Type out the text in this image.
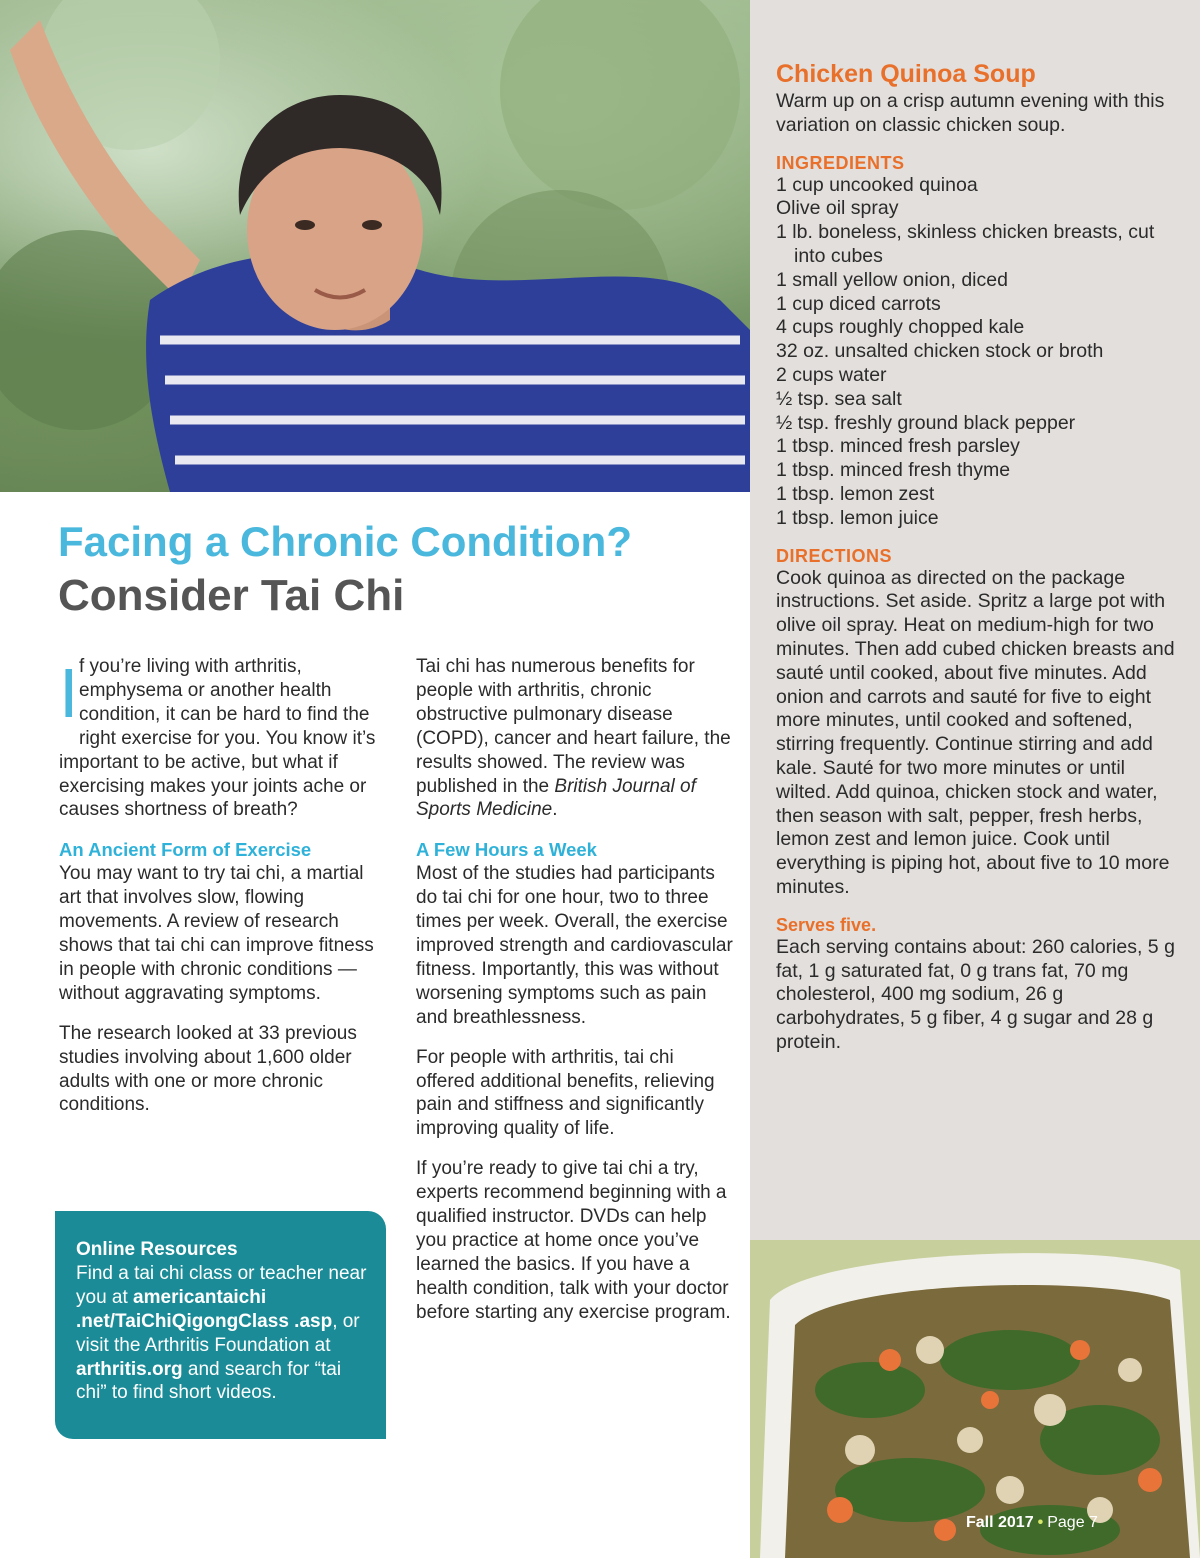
Facing a Chronic Condition?
Consider Tai Chi

If you’re living with arthritis, emphysema or another health condition, it can be hard to find the right exercise for you. You know it’s important to be active, but what if exercising makes your joints ache or causes shortness of breath?

An Ancient Form of Exercise

You may want to try tai chi, a martial art that involves slow, flowing movements. A review of research shows that tai chi can improve fitness in people with chronic conditions — without aggravating symptoms.

The research looked at 33 previous studies involving about 1,600 older adults with one or more chronic conditions.

Tai chi has numerous benefits for people with arthritis, chronic obstructive pulmonary disease (COPD), cancer and heart failure, the results showed. The review was published in the British Journal of Sports Medicine.

A Few Hours a Week

Most of the studies had participants do tai chi for one hour, two to three times per week. Overall, the exercise improved strength and cardiovascular fitness. Importantly, this was without worsening symptoms such as pain and breathlessness.

For people with arthritis, tai chi offered additional benefits, relieving pain and stiffness and significantly improving quality of life.

If you’re ready to give tai chi a try, experts recommend beginning with a qualified instructor. DVDs can help you practice at home once you’ve learned the basics. If you have a health condition, talk with your doctor before starting any exercise program.

Online Resources
Find a tai chi class or teacher near you at americantaichi .net/TaiChiQigongClass .asp, or visit the Arthritis Foundation at arthritis.org and search for “tai chi” to find short videos.
Chicken Quinoa Soup

Warm up on a crisp autumn evening with this variation on classic chicken soup.

INGREDIENTS
1 cup uncooked quinoa
Olive oil spray
1 lb. boneless, skinless chicken breasts, cut into cubes
1 small yellow onion, diced
1 cup diced carrots
4 cups roughly chopped kale
32 oz. unsalted chicken stock or broth
2 cups water
½ tsp. sea salt
½ tsp. freshly ground black pepper
1 tbsp. minced fresh parsley
1 tbsp. minced fresh thyme
1 tbsp. lemon zest
1 tbsp. lemon juice
DIRECTIONS

Cook quinoa as directed on the package instructions. Set aside. Spritz a large pot with olive oil spray. Heat on medium-high for two minutes. Then add cubed chicken breasts and sauté until cooked, about five minutes. Add onion and carrots and sauté for five to eight more minutes, until cooked and softened, stirring frequently. Continue stirring and add kale. Sauté for two more minutes or until wilted. Add quinoa, chicken stock and water, then season with salt, pepper, fresh herbs, lemon zest and lemon juice. Cook until everything is piping hot, about five to 10 more minutes.

Serves five.

Each serving contains about: 260 calories, 5 g fat, 1 g saturated fat, 0 g trans fat, 70 mg cholesterol, 400 mg sodium, 26 g carbohydrates, 5 g fiber, 4 g sugar and 28 g protein.

Fall 2017 • Page 7
